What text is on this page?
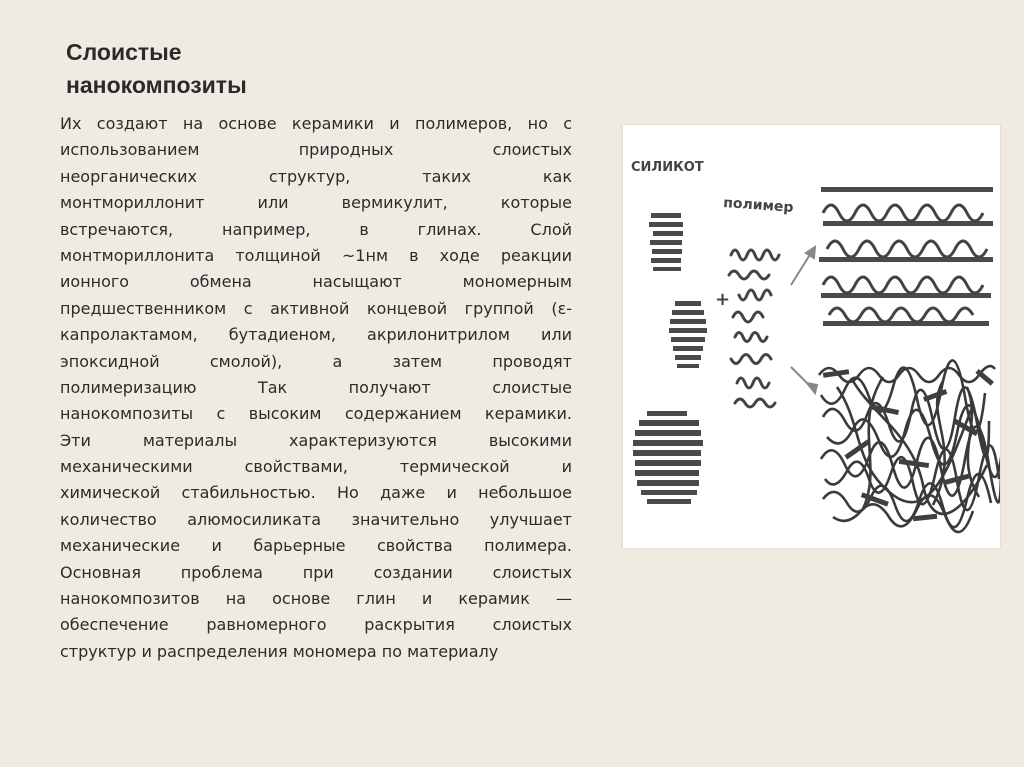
Слоистые
нанокомпозиты
Их создают на основе керамики и полимеров, но с
использованием природных слоистых
неорганических структур, таких как
монтмориллонит или вермикулит, которые
встречаются, например, в глинах. Слой
монтмориллонита толщиной ~1нм в ходе реакции
ионного обмена насыщают мономерным
предшественником с активной концевой группой (ε-
капролактамом, бутадиеном, акрилонитрилом или
эпоксидной смолой), а затем проводят
полимеризацию Так получают слоистые
нанокомпозиты с высоким содержанием керамики.
Эти материалы характеризуются высокими
механическими свойствами, термической и
химической стабильностью. Но даже и небольшое
количество алюмосиликата значительно улучшает
механические и барьерные свойства полимера.
Основная проблема при создании слоистых
нанокомпозитов на основе глин и керамик —
обеспечение равномерного раскрытия слоистых
структур и распределения мономера по материалу
СИЛИКОТ
полимер
+
